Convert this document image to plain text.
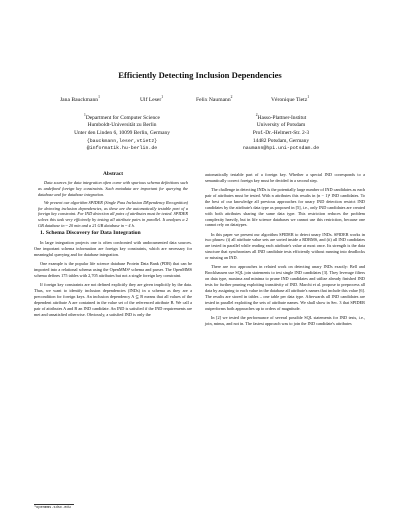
Efficiently Detecting Inclusion Dependencies
Jana Bauckmann$^1$	Ulf Leser$^1$	Felix Naumann$^2$	Véronique Tietz$^1$
$^1$Department for Computer Science
Humboldt-Universität zu Berlin
Unter den Linden 6, 10099 Berlin, Germany
{bauckmann,leser,vtietz}
@informatik.hu-berlin.de
$^2$Hasso-Plattner-Institut
University of Potsdam
Prof.-Dr.-Helmert-Str. 2-3
14482 Potsdam, Germany
naumann@hpi.uni-potsdam.de

Abstract

Data sources for data integration often come with spurious schema definitions such as undefined foreign key constraints. Such metadata are important for querying the database and for database integration.

We present our algorithm SPIDER (Single Pass Inclusion DEpendency Recognition) for detecting inclusion dependencies, as these are the automatically testable part of a foreign key constraint. For IND detection all pairs of attributes must be tested. SPIDER solves this task very efficiently by testing all attribute pairs in parallel. It analyzes a 2 GB database in ~ 20 min and a 21 GB database in ~ 4 h.

1. Schema Discovery for Data Integration

In large integration projects one is often confronted with undocumented data sources. One important schema information are foreign key constraints, which are necessary for meaningful querying and for database integration.

One example is the popular life science database Protein Data Bank (PDB) that can be imported into a relational schema using the OpenMMS¹ schema and parser. The OpenMMS schema defines 175 tables with 2,705 attributes but not a single foreign key constraint.

If foreign key constraints are not defined explicitly they are given implicitly by the data. Thus, we want to identify inclusion dependencies (INDs) in a schema as they are a precondition for foreign keys. An inclusion dependency A ⊆ B means that all values of the dependent attribute A are contained in the value set of the referenced attribute B. We call a pair of attributes A and B an IND candidate. An IND is satisfied if the IND requirements are met and unsatisfied otherwise. Obviously, a satisfied IND is only the

automatically testable part of a foreign key. Whether a special IND corresponds to a semantically correct foreign key must be decided in a second step.

The challenge in detecting INDs is the potentially large number of IND candidates as each pair of attributes must be tested. With n attributes this results in (n − 1)² IND candidates. To the best of our knowledge all previous approaches for unary IND detection restrict IND candidates by the attribute's data type as proposed in [5], i.e., only IND candidates are created with both attributes sharing the same data type. This restriction reduces the problem complexity heavily, but in life science databases we cannot use this restriction, because one cannot rely on datatypes.

In this paper we present our algorithm SPIDER to detect unary INDs. SPIDER works in two phases: (i) all attribute value sets are sorted inside a RDBMS, and (ii) all IND candidates are tested in parallel while reading each attribute's value at most once. Its strength is the data structure that synchronizes all IND candidate tests efficiently without running into deadlocks or missing an IND.

There are two approaches in related work on detecting unary INDs exactly: Bell and Brockhausen use SQL join statements to test single IND candidates [3]. They leverage filters on data type, maxima and minima to prune IND candidates and utilize already finished IND tests for further pruning exploiting transitivity of IND. Marchi et al. propose to preprocess all data by assigning to each value in the database all attribute's names that include this value [6]. The results are stored in tables – one table per data type. Afterwards all IND candidates are tested in parallel exploiting the sets of attribute names. We shall show in Sec. 3 that SPIDER outperforms both approaches up to orders of magnitude.

In [2] we tested the performance of several possible SQL statements for IND tests, i.e., join, minus, and not in. The fastest approach was to join the IND candidate's attributes

¹openmms.sdsc.edu
